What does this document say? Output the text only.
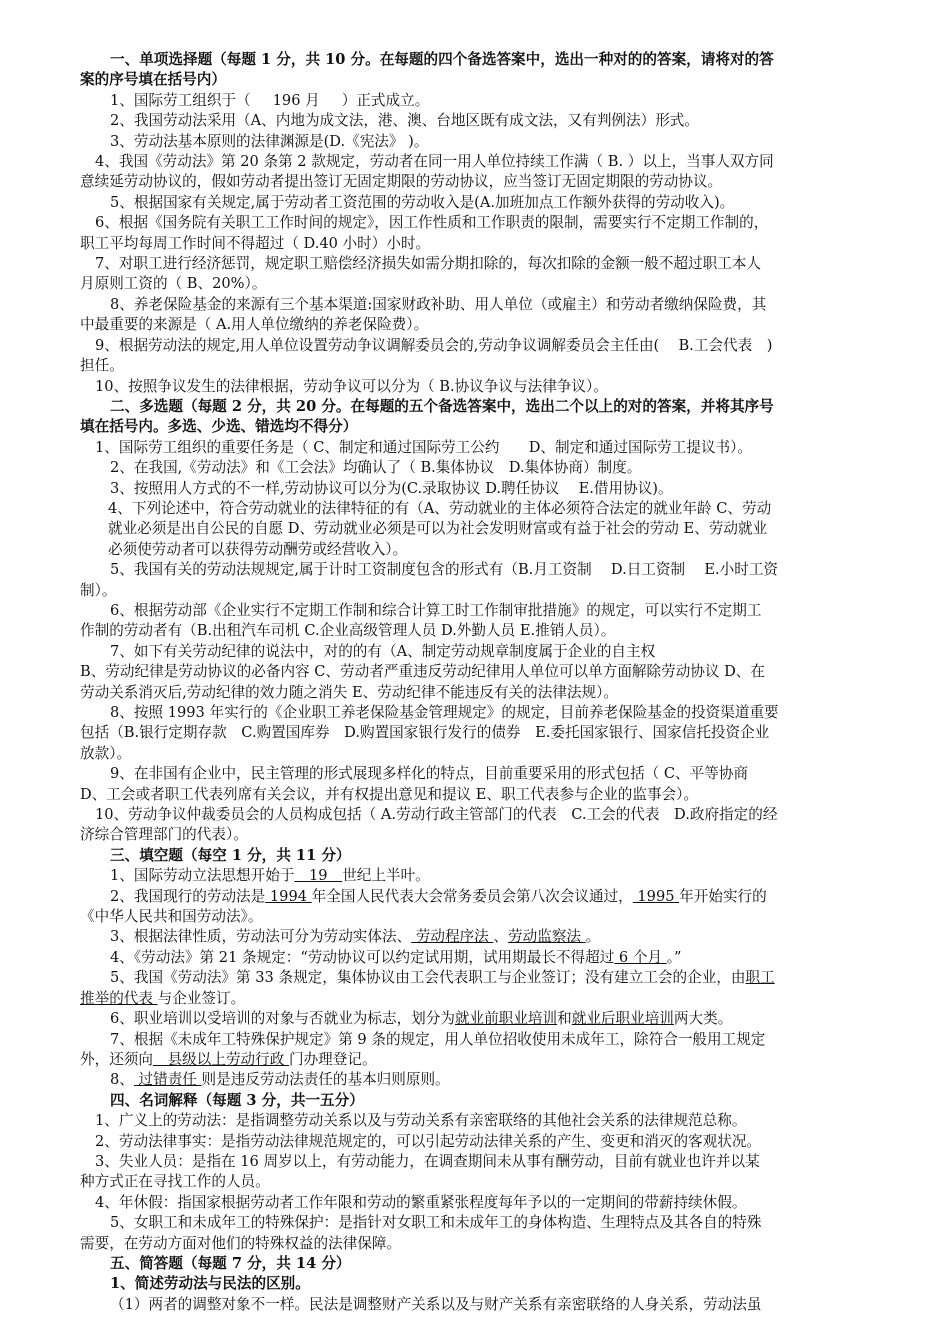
一、单项选择题（每题 1 分，共 10 分。在每题的四个备选答案中，选出一种对的的答案，请将对的答

案的序号填在括号内）

1、国际劳工组织于（ 196 月 ）正式成立。

2、我国劳动法采用（A、内地为成文法，港、澳、台地区既有成文法，又有判例法）形式。

3、劳动法基本原则的法律渊源是(D.《宪法》 )。

4、我国《劳动法》第 20 条第 2 款规定，劳动者在同一用人单位持续工作满（ B. ）以上，当事人双方同

意续延劳动协议的，假如劳动者提出签订无固定期限的劳动协议，应当签订无固定期限的劳动协议。

5、根据国家有关规定,属于劳动者工资范围的劳动收入是(A.加班加点工作额外获得的劳动收入)。

6、根据《国务院有关职工工作时间的规定》，因工作性质和工作职责的限制，需要实行不定期工作制的，

职工平均每周工作时间不得超过（ D.40 小时）小时。

7、对职工进行经济惩罚，规定职工赔偿经济损失如需分期扣除的，每次扣除的金额一般不超过职工本人

月原则工资的（ B、20%）。

8、养老保险基金的来源有三个基本渠道:国家财政补助、用人单位（或雇主）和劳动者缴纳保险费，其

中最重要的来源是（ A.用人单位缴纳的养老保险费）。

9、根据劳动法的规定,用人单位设置劳动争议调解委员会的,劳动争议调解委员会主任由(　 B.工会代表　)

担任。

10、按照争议发生的法律根据，劳动争议可以分为（ B.协议争议与法律争议）。

二、多选题（每题 2 分，共 20 分。在每题的五个备选答案中，选出二个以上的对的答案，并将其序号

填在括号内。多选、少选、错选均不得分）

1、国际劳工组织的重要任务是（ C、制定和通过国际劳工公约　　D、制定和通过国际劳工提议书）。

2、在我国,《劳动法》和《工会法》均确认了（ B.集体协议　D.集体协商）制度。

3、按照用人方式的不一样,劳动协议可以分为(C.录取协议 D.聘任协议　 E.借用协议)。

4、下列论述中，符合劳动就业的法律特征的有（A、劳动就业的主体必须符合法定的就业年龄 C、劳动

就业必须是出自公民的自愿 D、劳动就业必须是可以为社会发明财富或有益于社会的劳动 E、劳动就业

必须使劳动者可以获得劳动酬劳或经营收入）。

5、我国有关的劳动法规规定,属于计时工资制度包含的形式有（B.月工资制　 D.日工资制　 E.小时工资

制）。

6、根据劳动部《企业实行不定期工作制和综合计算工时工作制审批措施》的规定，可以实行不定期工

作制的劳动者有（B.出租汽车司机 C.企业高级管理人员 D.外勤人员 E.推销人员）。

7、如下有关劳动纪律的说法中，对的的有（A、制定劳动规章制度属于企业的自主权

B、劳动纪律是劳动协议的必备内容 C、劳动者严重违反劳动纪律用人单位可以单方面解除劳动协议 D、在

劳动关系消灭后,劳动纪律的效力随之消失 E、劳动纪律不能违反有关的法律法规）。

8、按照 1993 年实行的《企业职工养老保险基金管理规定》的规定，目前养老保险基金的投资渠道重要

包括（B.银行定期存款　C.购置国库券　D.购置国家银行发行的债券　E.委托国家银行、国家信托投资企业

放款）。

9、在非国有企业中，民主管理的形式展现多样化的特点，目前重要采用的形式包括（ C、平等协商

D、工会或者职工代表列席有关会议，并有权提出意见和提议 E、职工代表参与企业的监事会）。

10、劳动争议仲裁委员会的人员构成包括（ A.劳动行政主管部门的代表　C.工会的代表　D.政府指定的经

济综合管理部门的代表）。

三、填空题（每空 1 分，共 11 分）

1、国际劳动立法思想开始于　19　世纪上半叶。

2、我国现行的劳动法是 1994 年全国人民代表大会常务委员会第八次会议通过， 1995 年开始实行的

《中华人民共和国劳动法》。

3、根据法律性质，劳动法可分为劳动实体法、 劳动程序法 、劳动监察法 。

4、《劳动法》第 21 条规定：“劳动协议可以约定试用期，试用期最长不得超过 6 个月 。”

5、我国《劳动法》第 33 条规定，集体协议由工会代表职工与企业签订；没有建立工会的企业，由职工

推举的代表 与企业签订。

6、职业培训以受培训的对象与否就业为标志，划分为就业前职业培训和就业后职业培训两大类。

7、根据《未成年工特殊保护规定》第 9 条的规定，用人单位招收使用未成年工，除符合一般用工规定

外，还须向　县级以上劳动行政 门办理登记。

8、 过错责任 则是违反劳动法责任的基本归则原则。

四、名词解释（每题 3 分，共一五分）

1、广义上的劳动法：是指调整劳动关系以及与劳动关系有亲密联络的其他社会关系的法律规范总称。

2、劳动法律事实：是指劳动法律规范规定的，可以引起劳动法律关系的产生、变更和消灭的客观状况。

3、失业人员：是指在 16 周岁以上，有劳动能力，在调查期间未从事有酬劳动，目前有就业也许并以某

种方式正在寻找工作的人员。

4、年休假：指国家根据劳动者工作年限和劳动的繁重紧张程度每年予以的一定期间的带薪持续休假。

5、女职工和未成年工的特殊保护：是指针对女职工和未成年工的身体构造、生理特点及其各自的特殊

需要，在劳动方面对他们的特殊权益的法律保障。

五、简答题（每题 7 分，共 14 分）

1、简述劳动法与民法的区别。

（1）两者的调整对象不一样。民法是调整财产关系以及与财产关系有亲密联络的人身关系，劳动法虽
